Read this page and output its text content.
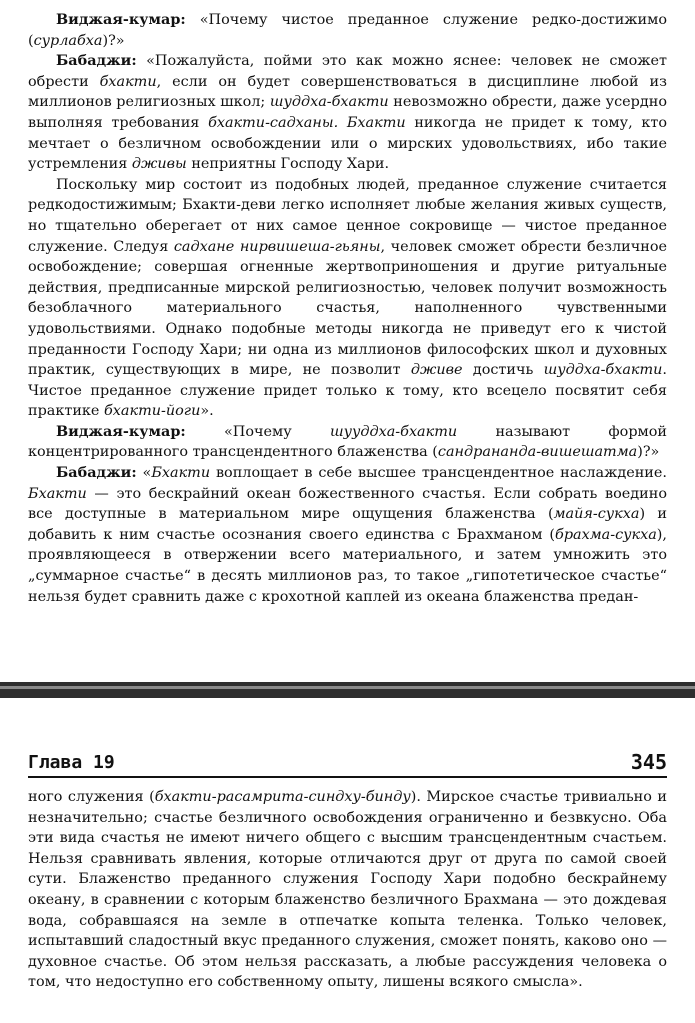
Виджая-кумар: «Почему чистое преданное служение редко-достижимо (сурлабха)?»

Бабаджи: «Пожалуйста, пойми это как можно яснее: человек не сможет обрести бхакти, если он будет совершенствоваться в дисциплине любой из миллионов религиозных школ; шуддха-бхакти невозможно обрести, даже усердно выполняя требования бхакти-садханы. Бхакти никогда не придет к тому, кто мечтает о безличном освобождении или о мирских удовольствиях, ибо такие устремления дживы неприятны Господу Хари.

Поскольку мир состоит из подобных людей, преданное служение считается редкодостижимым; Бхакти-деви легко исполняет любые желания живых существ, но тщательно оберегает от них самое ценное сокровище — чистое преданное служение. Следуя садхане нирвишеша-гьяны, человек сможет обрести безличное освобождение; совершая огненные жертвоприношения и другие ритуальные действия, предписанные мирской религиозностью, человек получит возможность безоблачного материального счастья, наполненного чувственными удовольствиями. Однако подобные методы никогда не приведут его к чистой преданности Господу Хари; ни одна из миллионов философских школ и духовных практик, существующих в мире, не позволит дживе достичь шуддха-бхакти. Чистое преданное служение придет только к тому, кто всецело посвятит себя практике бхакти-йоги».

Виджая-кумар: «Почему шууддха-бхакти называют формой концентрированного трансцендентного блаженства (сандрананда-вишешатма)?»

Бабаджи: «Бхакти воплощает в себе высшее трансцендентное наслаждение. Бхакти — это бескрайний океан божественного счастья. Если собрать воедино все доступные в материальном мире ощущения блаженства (майя-сукха) и добавить к ним счастье осознания своего единства с Брахманом (брахма-сукха), проявляющееся в отвержении всего материального, и затем умножить это „суммарное счастье“ в десять миллионов раз, то такое „гипотетическое счастье“ нельзя будет сравнить даже с крохотной каплей из океана блаженства предан-

Глава 19	345

ного служения (бхакти-расамрита-синдху-бинду). Мирское счастье тривиально и незначительно; счастье безличного освобождения ограниченно и безвкусно. Оба эти вида счастья не имеют ничего общего с высшим трансцендентным счастьем. Нельзя сравнивать явления, которые отличаются друг от друга по самой своей сути. Блаженство преданного служения Господу Хари подобно бескрайнему океану, в сравнении с которым блаженство безличного Брахмана — это дождевая вода, собравшаяся на земле в отпечатке копыта теленка. Только человек, испытавший сладостный вкус преданного служения, сможет понять, каково оно — духовное счастье. Об этом нельзя рассказать, а любые рассуждения человека о том, что недоступно его собственному опыту, лишены всякого смысла».
